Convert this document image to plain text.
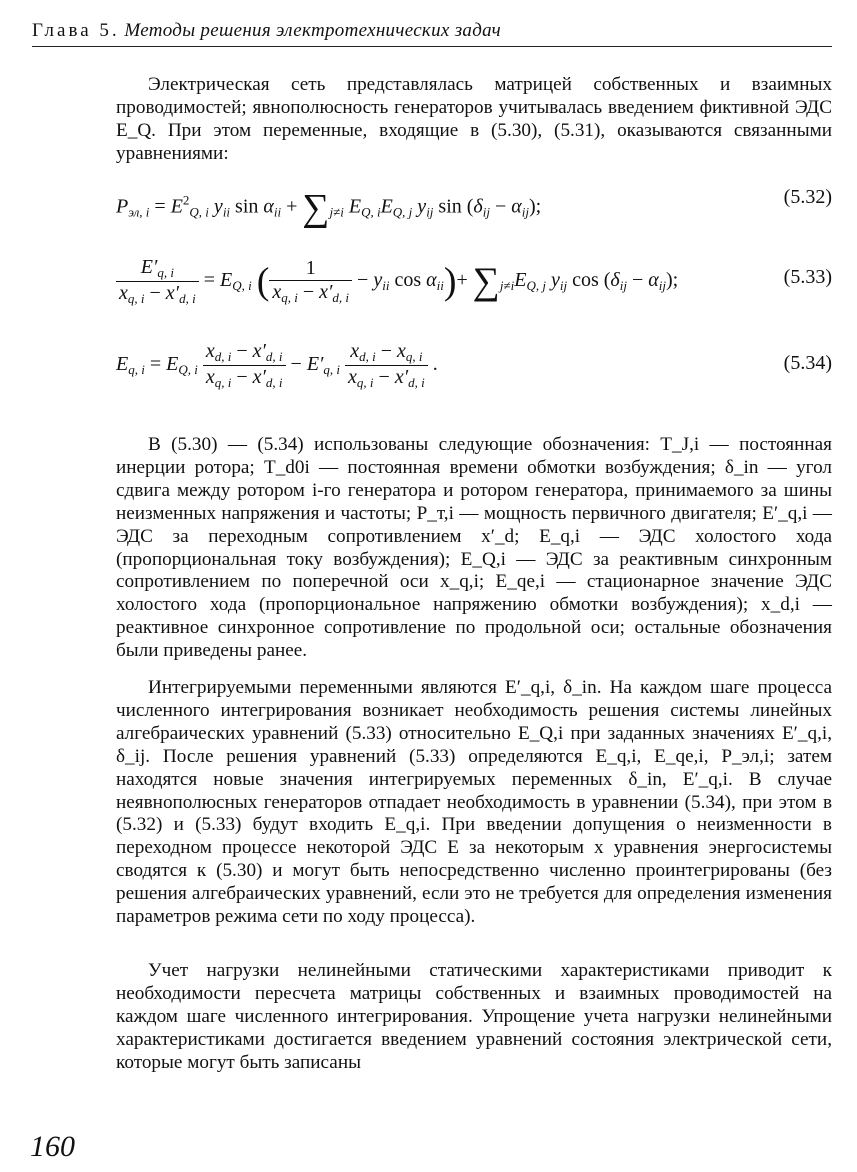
Глава 5. Методы решения электротехнических задач
Электрическая сеть представлялась матрицей собственных и взаимных проводимостей; явнополюсность генераторов учитывалась введением фиктивной ЭДС E_Q. При этом переменные, входящие в (5.30), (5.31), оказываются связанными уравнениями:
$P_{эл, i} = E^2_{Q, i}$ $y_{ii}$ $\sin \alpha_{ii} + \sum_{j\ne i}$ $E_{Q, i}E_{Q, j}$ $y_{ij}$ $\sin (\delta_{ij} - \alpha_{ij})$;	(5.32)
$\frac{E'_{q, i}}{x_{q, i} - x'_{d, i}} = E_{Q, i}$ ( $\frac{1}{x_{q, i} - x'_{d, i}} - y_{ii}$ $\cos \alpha_{ii})+ \sum_{j\ne i}E_{Q, j}$ $y_{ij}$ $\cos (\delta_{ij} - \alpha_{ij})$;	(5.33)
$E_{q, i} = E_{Q, i} \frac{x_{d, i} - x'_{d, i}}{x_{q, i} - x'_{d, i}} - E'_{q, i} \frac{x_{d, i} - x_{q, i}}{x_{q, i} - x'_{d, i}}$ .	(5.34)
В (5.30) — (5.34) использованы следующие обозначения: T_J,i — постоянная инерции ротора; T_d0i — постоянная времени обмотки возбуждения; δ_in — угол сдвига между ротором i-го генератора и ротором генератора, принимаемого за шины неизменных напряжения и частоты; P_т,i — мощность первичного двигателя; E′_q,i — ЭДС за переходным сопротивлением x′_d; E_q,i — ЭДС холостого хода (пропорциональная току возбуждения); E_Q,i — ЭДС за реактивным синхронным сопротивлением по поперечной оси x_q,i; E_qe,i — стационарное значение ЭДС холостого хода (пропорциональное напряжению обмотки возбуждения); x_d,i — реактивное синхронное сопротивление по продольной оси; остальные обозначения были приведены ранее.
Интегрируемыми переменными являются E′_q,i, δ_in. На каждом шаге процесса численного интегрирования возникает необходимость решения системы линейных алгебраических уравнений (5.33) относительно E_Q,i при заданных значениях E′_q,i, δ_ij. После решения уравнений (5.33) определяются E_q,i, E_qe,i, P_эл,i; затем находятся новые значения интегрируемых переменных δ_in, E′_q,i. В случае неявнополюсных генераторов отпадает необходимость в уравнении (5.34), при этом в (5.32) и (5.33) будут входить E_q,i. При введении допущения о неизменности в переходном процессе некоторой ЭДС E за некоторым x уравнения энергосистемы сводятся к (5.30) и могут быть непосредственно численно проинтегрированы (без решения алгебраических уравнений, если это не требуется для определения изменения параметров режима сети по ходу процесса).
Учет нагрузки нелинейными статическими характеристиками приводит к необходимости пересчета матрицы собственных и взаимных проводимостей на каждом шаге численного интегрирования. Упрощение учета нагрузки нелинейными характеристиками достигается введением уравнений состояния электрической сети, которые могут быть записаны
160
